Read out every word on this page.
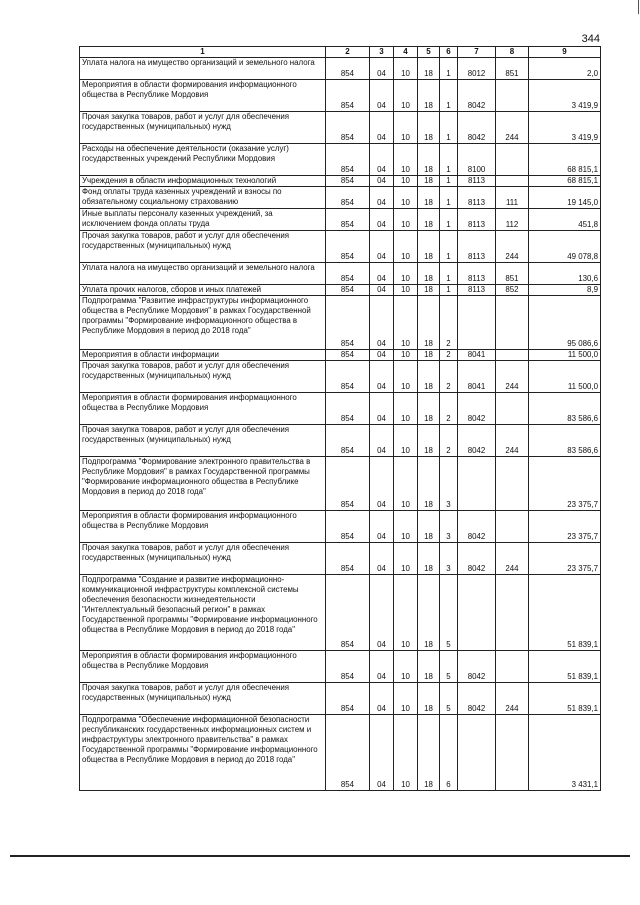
344
1	2	3	4	5	6	7	8	9
Уплата налога на имущество организаций и земельного налога	854	04	10	18	1	8012	851	2,0
Мероприятия в области формирования информационного общества в Республике Мордовия	854	04	10	18	1	8042		3 419,9
Прочая закупка товаров, работ и услуг для обеспечения государственных (муниципальных) нужд	854	04	10	18	1	8042	244	3 419,9
Расходы на обеспечение деятельности (оказание услуг) государственных учреждений Республики Мордовия	854	04	10	18	1	8100		68 815,1
Учреждения в области информационных технологий	854	04	10	18	1	8113		68 815,1
Фонд оплаты труда казенных учреждений и взносы по обязательному социальному страхованию	854	04	10	18	1	8113	111	19 145,0
Иные выплаты персоналу казенных учреждений, за исключением фонда оплаты труда	854	04	10	18	1	8113	112	451,8
Прочая закупка товаров, работ и услуг для обеспечения государственных (муниципальных) нужд	854	04	10	18	1	8113	244	49 078,8
Уплата налога на имущество организаций и земельного налога	854	04	10	18	1	8113	851	130,6
Уплата прочих налогов, сборов и иных платежей	854	04	10	18	1	8113	852	8,9
Подпрограмма "Развитие инфраструктуры информационного общества в Республике Мордовия" в рамках Государственной программы "Формирование информационного общества в Республике Мордовия в период до 2018 года"	854	04	10	18	2			95 086,6
Мероприятия в области информации	854	04	10	18	2	8041		11 500,0
Прочая закупка товаров, работ и услуг для обеспечения государственных (муниципальных) нужд	854	04	10	18	2	8041	244	11 500,0
Мероприятия в области формирования информационного общества в Республике Мордовия	854	04	10	18	2	8042		83 586,6
Прочая закупка товаров, работ и услуг для обеспечения государственных (муниципальных) нужд	854	04	10	18	2	8042	244	83 586,6
Подпрограмма "Формирование электронного правительства в Республике Мордовия" в рамках Государственной программы "Формирование информационного общества в Республике Мордовия в период до 2018 года"	854	04	10	18	3			23 375,7
Мероприятия в области формирования информационного общества в Республике Мордовия	854	04	10	18	3	8042		23 375,7
Прочая закупка товаров, работ и услуг для обеспечения государственных (муниципальных) нужд	854	04	10	18	3	8042	244	23 375,7
Подпрограмма "Создание и развитие информационно-коммуникационной инфраструктуры комплексной системы обеспечения безопасности жизнедеятельности "Интеллектуальный безопасный регион" в рамках Государственной программы "Формирование информационного общества в Республике Мордовия в период до 2018 года"	854	04	10	18	5			51 839,1
Мероприятия в области формирования информационного общества в Республике Мордовия	854	04	10	18	5	8042		51 839,1
Прочая закупка товаров, работ и услуг для обеспечения государственных (муниципальных) нужд	854	04	10	18	5	8042	244	51 839,1
Подпрограмма "Обеспечение информационной безопасности республиканских государственных информационных систем и инфраструктуры электронного правительства" в рамках Государственной программы "Формирование информационного общества в Республике Мордовия в период до 2018 года"	854	04	10	18	6			3 431,1
